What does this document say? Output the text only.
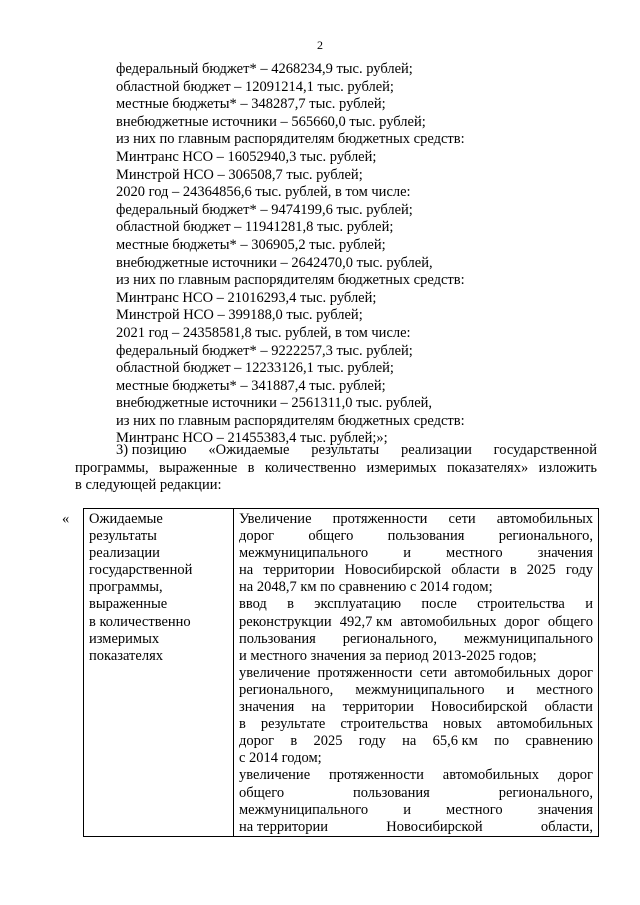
2
федеральный бюджет* – 4268234,9 тыс. рублей;
областной бюджет – 12091214,1 тыс. рублей;
местные бюджеты* – 348287,7 тыс. рублей;
внебюджетные источники – 565660,0 тыс. рублей;
из них по главным распорядителям бюджетных средств:
Минтранс НСО – 16052940,3 тыс. рублей;
Минстрой НСО – 306508,7 тыс. рублей;
2020 год – 24364856,6 тыс. рублей, в том числе:
федеральный бюджет* – 9474199,6 тыс. рублей;
областной бюджет – 11941281,8 тыс. рублей;
местные бюджеты* – 306905,2 тыс. рублей;
внебюджетные источники – 2642470,0 тыс. рублей,
из них по главным распорядителям бюджетных средств:
Минтранс НСО – 21016293,4 тыс. рублей;
Минстрой НСО – 399188,0 тыс. рублей;
2021 год – 24358581,8 тыс. рублей, в том числе:
федеральный бюджет* – 9222257,3 тыс. рублей;
областной бюджет – 12233126,1 тыс. рублей;
местные бюджеты* – 341887,4 тыс. рублей;
внебюджетные источники – 2561311,0 тыс. рублей,
из них по главным распорядителям бюджетных средств:
Минтранс НСО – 21455383,4 тыс. рублей;»;
3) позицию «Ожидаемые результаты реализации государственной
программы, выраженные в количественно измеримых показателях» изложить
в следующей редакции:
« Ожидаемые
результаты
реализации
государственной
программы,
выраженные
в количественно
измеримых
показателях

Увеличение протяженности сети автомобильных
дорог общего пользования регионального,
межмуниципального и местного значения
на территории Новосибирской области в 2025 году
на 2048,7 км по сравнению с 2014 годом;
ввод в эксплуатацию после строительства и
реконструкции 492,7 км автомобильных дорог общего
пользования регионального, межмуниципального
и местного значения за период 2013-2025 годов;
увеличение протяженности сети автомобильных дорог
регионального, межмуниципального и местного
значения на территории Новосибирской области
в результате строительства новых автомобильных
дорог в 2025 году на 65,6 км по сравнению
с 2014 годом;
увеличение протяженности автомобильных дорог
общего	пользования	регионального,
межмуниципального и местного значения
на территории	Новосибирской	области,
